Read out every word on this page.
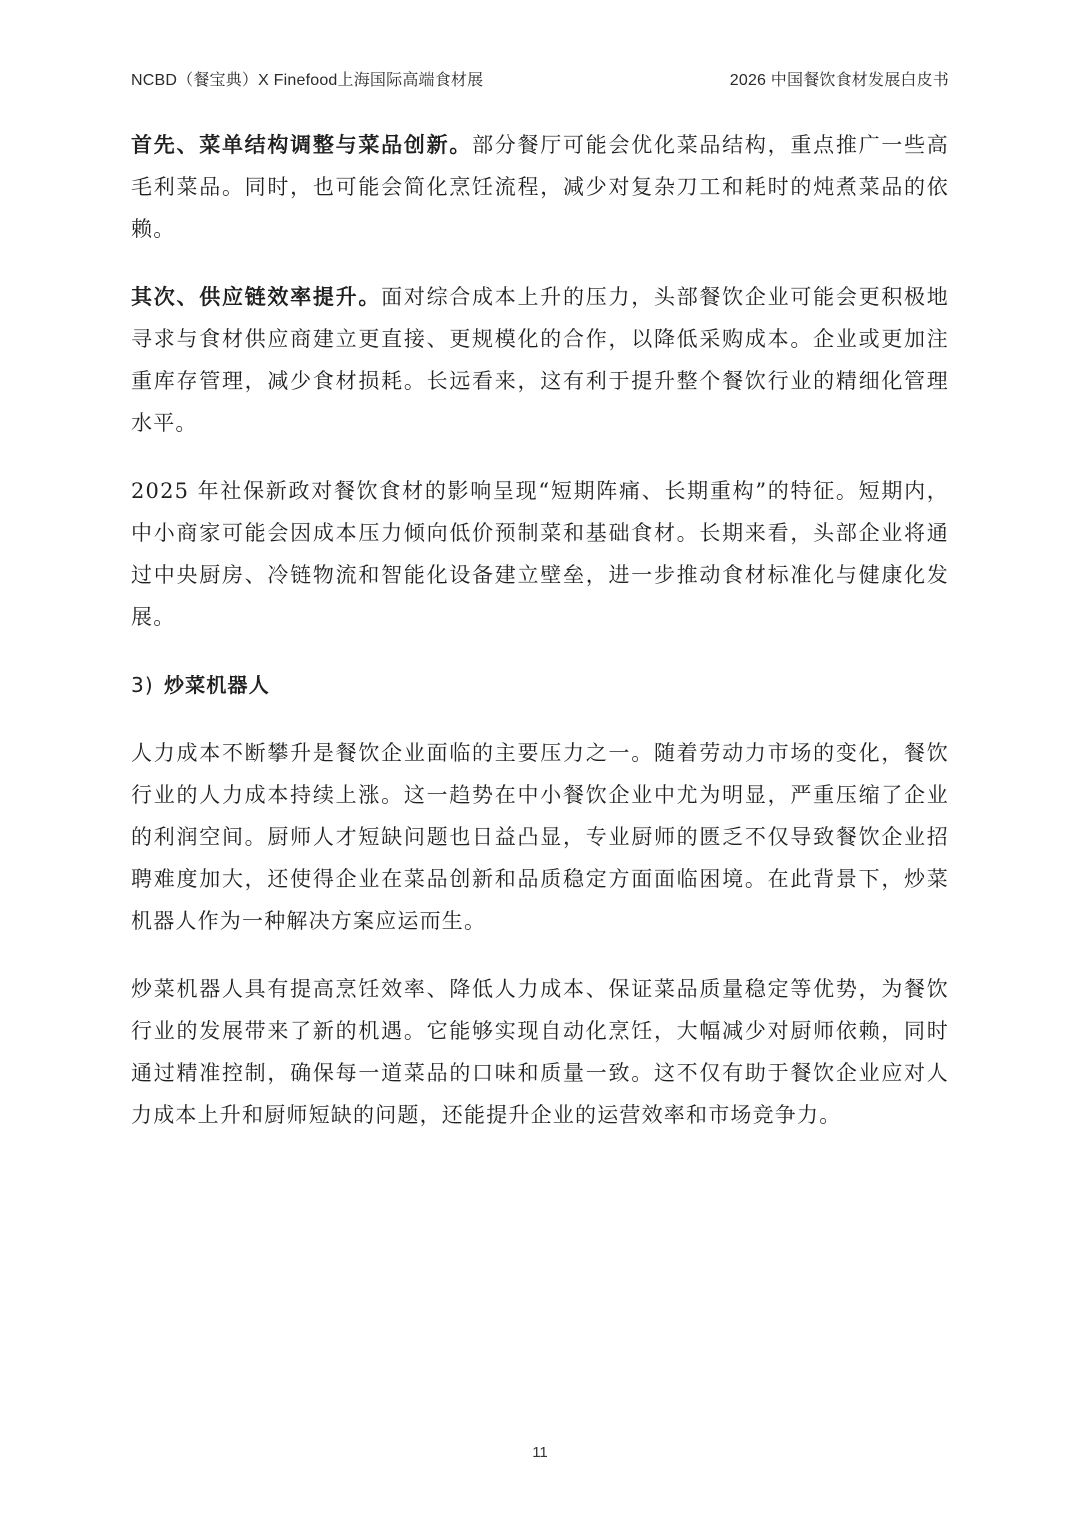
NCBD（餐宝典）X Finefood上海国际高端食材展	2026 中国餐饮食材发展白皮书

首先、菜单结构调整与菜品创新。部分餐厅可能会优化菜品结构，重点推广一些高毛利菜品。同时，也可能会简化烹饪流程，减少对复杂刀工和耗时的炖煮菜品的依赖。

其次、供应链效率提升。面对综合成本上升的压力，头部餐饮企业可能会更积极地寻求与食材供应商建立更直接、更规模化的合作，以降低采购成本。企业或更加注重库存管理，减少食材损耗。长远看来，这有利于提升整个餐饮行业的精细化管理水平。

2025 年社保新政对餐饮食材的影响呈现“短期阵痛、长期重构”的特征。短期内，中小商家可能会因成本压力倾向低价预制菜和基础食材。长期来看，头部企业将通过中央厨房、冷链物流和智能化设备建立壁垒，进一步推动食材标准化与健康化发展。

3) 炒菜机器人

人力成本不断攀升是餐饮企业面临的主要压力之一。随着劳动力市场的变化，餐饮行业的人力成本持续上涨。这一趋势在中小餐饮企业中尤为明显，严重压缩了企业的利润空间。厨师人才短缺问题也日益凸显，专业厨师的匮乏不仅导致餐饮企业招聘难度加大，还使得企业在菜品创新和品质稳定方面面临困境。在此背景下，炒菜机器人作为一种解决方案应运而生。

炒菜机器人具有提高烹饪效率、降低人力成本、保证菜品质量稳定等优势，为餐饮行业的发展带来了新的机遇。它能够实现自动化烹饪，大幅减少对厨师依赖，同时通过精准控制，确保每一道菜品的口味和质量一致。这不仅有助于餐饮企业应对人力成本上升和厨师短缺的问题，还能提升企业的运营效率和市场竞争力。

11
